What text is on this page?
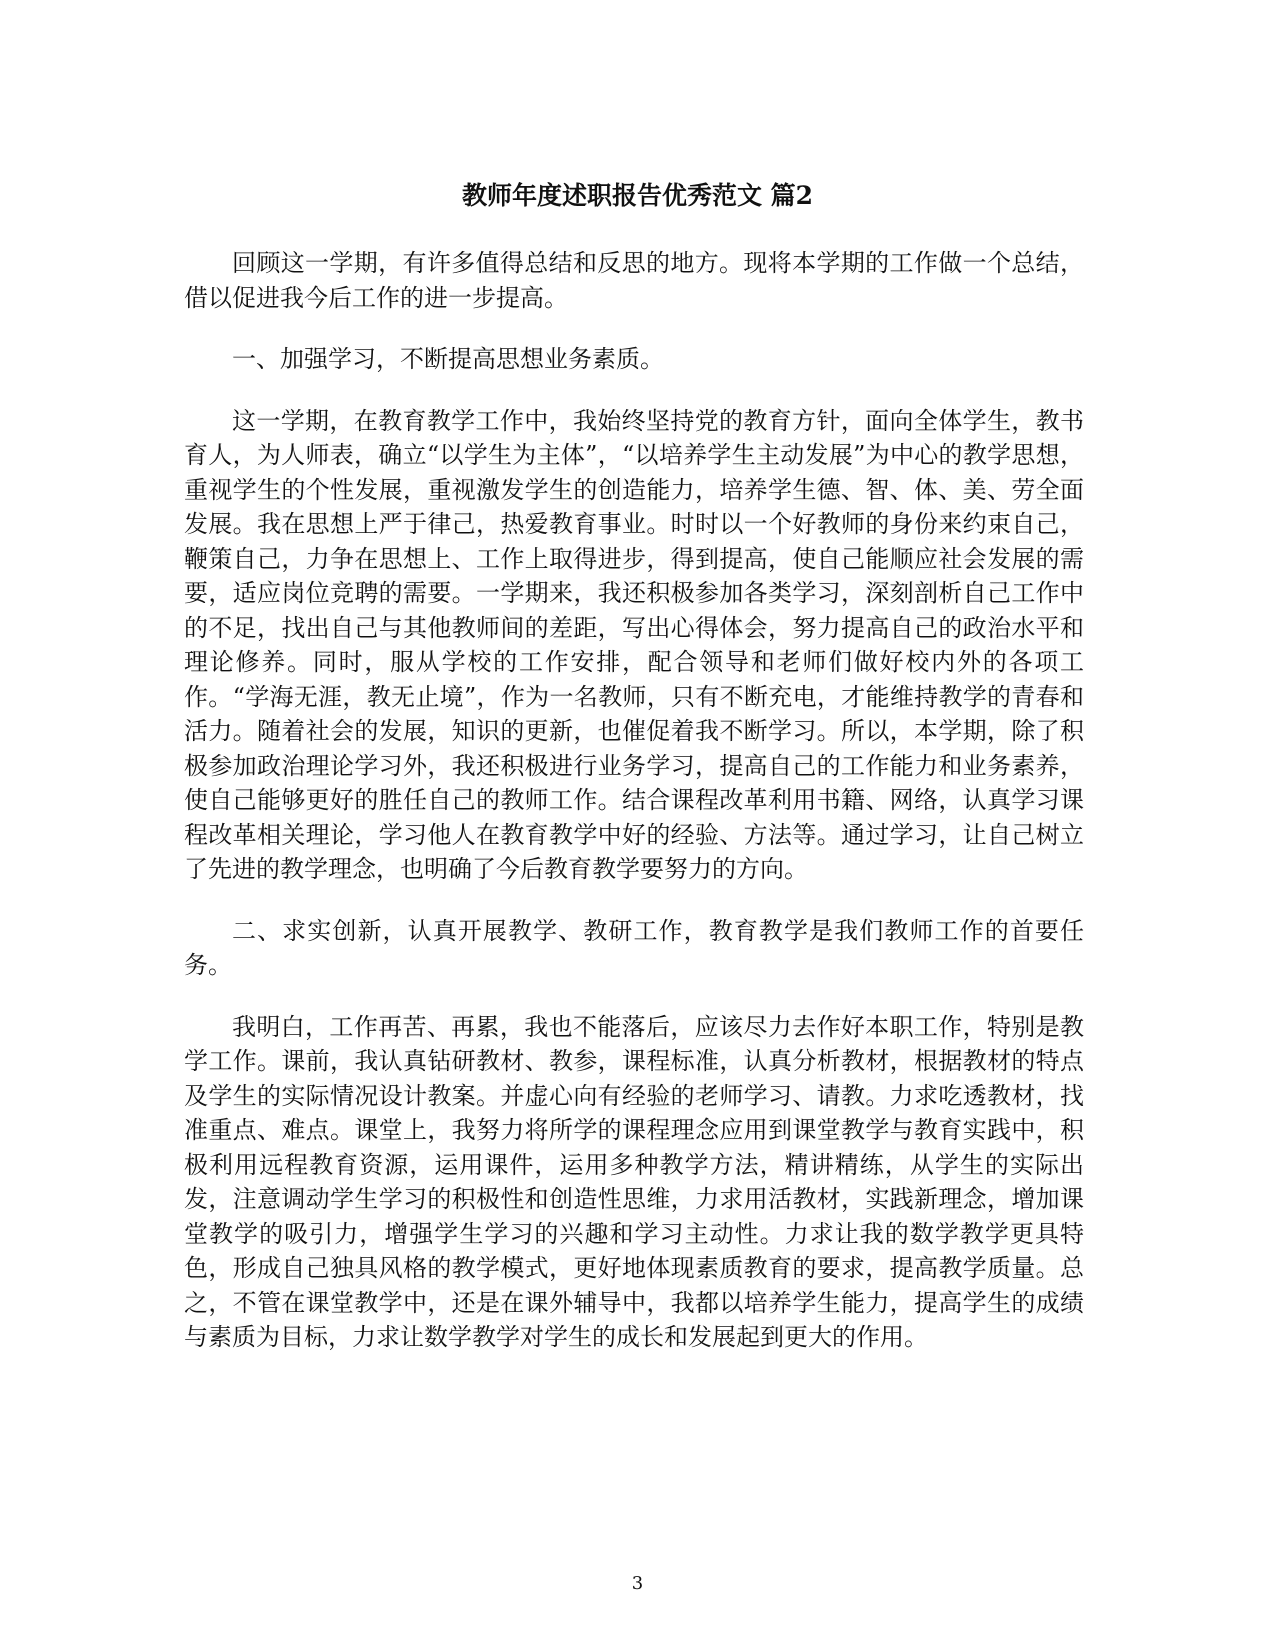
教师年度述职报告优秀范文 篇2

回顾这一学期，有许多值得总结和反思的地方。现将本学期的工作做一个总结，借以促进我今后工作的进一步提高。

一、加强学习，不断提高思想业务素质。

这一学期，在教育教学工作中，我始终坚持党的教育方针，面向全体学生，教书育人，为人师表，确立“以学生为主体”，“以培养学生主动发展”为中心的教学思想，重视学生的个性发展，重视激发学生的创造能力，培养学生德、智、体、美、劳全面发展。我在思想上严于律己，热爱教育事业。时时以一个好教师的身份来约束自己，鞭策自己，力争在思想上、工作上取得进步，得到提高，使自己能顺应社会发展的需要，适应岗位竞聘的需要。一学期来，我还积极参加各类学习，深刻剖析自己工作中的不足，找出自己与其他教师间的差距，写出心得体会，努力提高自己的政治水平和理论修养。同时，服从学校的工作安排，配合领导和老师们做好校内外的各项工作。“学海无涯，教无止境”，作为一名教师，只有不断充电，才能维持教学的青春和活力。随着社会的发展，知识的更新，也催促着我不断学习。所以，本学期，除了积极参加政治理论学习外，我还积极进行业务学习，提高自己的工作能力和业务素养，使自己能够更好的胜任自己的教师工作。结合课程改革利用书籍、网络，认真学习课程改革相关理论，学习他人在教育教学中好的经验、方法等。通过学习，让自己树立了先进的教学理念，也明确了今后教育教学要努力的方向。

二、求实创新，认真开展教学、教研工作，教育教学是我们教师工作的首要任务。

我明白，工作再苦、再累，我也不能落后，应该尽力去作好本职工作，特别是教学工作。课前，我认真钻研教材、教参，课程标准，认真分析教材，根据教材的特点及学生的实际情况设计教案。并虚心向有经验的老师学习、请教。力求吃透教材，找准重点、难点。课堂上，我努力将所学的课程理念应用到课堂教学与教育实践中，积极利用远程教育资源，运用课件，运用多种教学方法，精讲精练，从学生的实际出发，注意调动学生学习的积极性和创造性思维，力求用活教材，实践新理念，增加课堂教学的吸引力，增强学生学习的兴趣和学习主动性。力求让我的数学教学更具特色，形成自己独具风格的教学模式，更好地体现素质教育的要求，提高教学质量。总之，不管在课堂教学中，还是在课外辅导中，我都以培养学生能力，提高学生的成绩与素质为目标，力求让数学教学对学生的成长和发展起到更大的作用。

3
